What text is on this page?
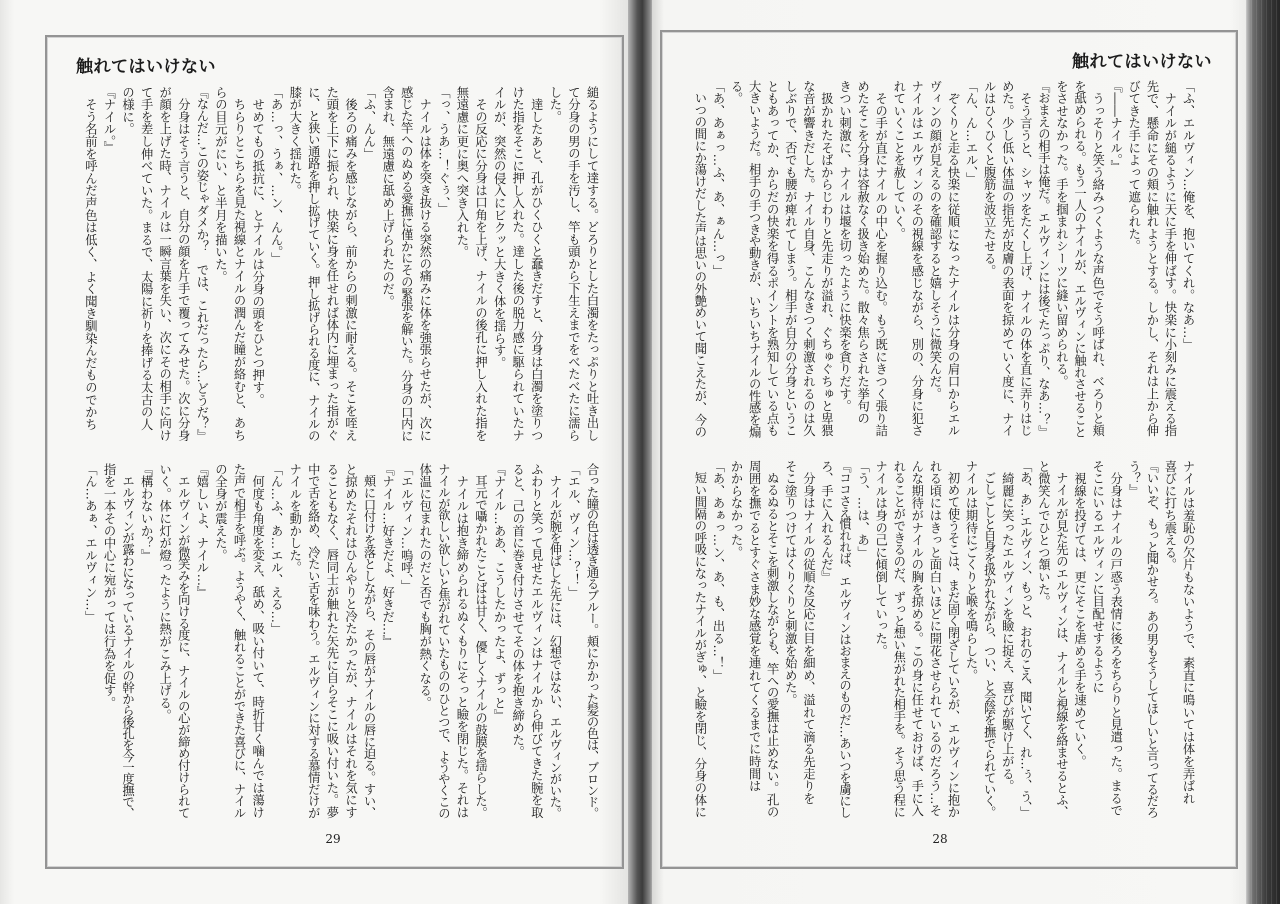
触れてはいけない
縋るようにして達する。どろりとした白濁をたっぷりと吐き出し
て分身の男の手を汚し、竿も頭から下生えまでをべたべたに濡ら
した。
　達したあと、孔がひくひくと蠢きだすと、分身は白濁を塗りつ
けた指をそこに押し入れた。達した後の脱力感に駆られていたナ
イルが、突然の侵入にビクッと大きく体を揺らす。
　その反応に分身は口角を上げ、ナイルの後孔に押し入れた指を
無遠慮に更に奥へ突き入れた。
「っ、うあ…！ぐぅ、」
　ナイルは体を突き抜ける突然の痛みに体を強張らせたが、次に
感じた竿へのぬめる愛撫に僅かにその緊張を解いた。分身の口内に
含まれ、無遠慮に舐め上げられたのだ。
「ふ、んん」
　後ろの痛みを感じながら、前からの刺激に耐える。そこを咥え
た頭を上下に振られ、快楽に身を任せれば体内に埋まった指がぐ
に、と狭い通路を押し拡げていく。押し拡げられる度に、ナイルの
膝が大きく揺れた。
「あ…っ、うぁ、…ン、んん。」
　せめてもの抵抗に、とナイルは分身の頭をひとつ押す。
　ちらりとこちらを見た視線とナイルの潤んだ瞳が絡むと、あち
らの目元がにい、と半月を描いた。
『なんだ…この姿じゃダメか？　では、これだったら…どうだ？』
　分身はそう言うと、自分の顔を片手で覆ってみせた。次に分身
が顔を上げた時、ナイルは一瞬言葉を失い、次にその相手に向け
て手を差し伸べていた。まるで、太陽に祈りを捧げる太古の人
の様に。
『ナイル。』
　そう名前を呼んだ声色は低く、よく聞き馴染んだものでかち
合った瞳の色は透き通るブルー。頬にかかった髪の色は、ブロンド。
「エル、ヴィン…？！」
　ナイルが腕を伸ばした先には、幻想ではない、エルヴィンがいた。
ふわりと笑って見せたエルヴィンはナイルから伸びてきた腕を取
ると、己の首に巻き付けさせてその体を抱き締めた。
『ナイル…ああ、こうしたかったよ、ずっと』
　耳元で囁かれたことばは甘く、優しくナイルの鼓膜を揺らした。
　ナイルは抱き締められるぬくもりにそっと瞼を閉じた。それは
ナイルが欲しい欲しいと焦がれていたもののひとつで、ようやくこの
体温に包まれたのだと否でも胸が熱くなる。
「エルヴィン…嗚呼、」
『ナイル…好きだよ、好きだ…』
　頬に口付けを落としながら、その唇がナイルの唇に迫る。すい、
と掠めたそれはひんやりと冷たかったが、ナイルはそれを気にす
ることもなく、唇同士が触れた矢先に自らそこに吸い付いた。夢
中で舌を絡め、冷たい舌を味わう。エルヴィンに対する慕情だけが
ナイルを動かした。
「ん…ふ、あ…エル、える…」
　何度も角度を変え、舐め、吸い付いて、時折甘く噛んでは蕩け
た声で相手を呼ぶ。ようやく、触れることができた喜びに、ナイル
の全身が震えた。
『嬉しいよ、ナイル…』
　エルヴィンが微笑みを向ける度に、ナイルの心が締め付けられて
いく。体に灯が燈ったように熱がこみ上げる。
『構わないか？』
　エルヴィンが露わになっているナイルの幹から後孔を今一度撫で、
指を一本その中心に宛がっては行為を促す。
「ん…あぁ、エルヴィン…」
29
触れてはいけない
「ふ、エルヴィン…俺を、抱いてくれ。なあ…」
　ナイルが縋るように天に手を伸ばす。快楽に小刻みに震える指
先で、懸命にその頬に触れようとする。しかし、それは上から伸
びてきた手によって遮られた。
『――ナイル。』
　うっそりと笑う絡みつくような声色でそう呼ばれ、べろりと頬
を舐められる。もう一人のナイルが、エルヴィンに触れさせること
をさせなかった。手を掴まれシーツに縫い留められる。
『おまえの相手は俺だ。エルヴィンには後でたっぷり、なあ…？』
　そう言うと、シャツをたくし上げ、ナイルの体を直に弄りはじ
めた。少し低い体温の指先が皮膚の表面を掠めていく度に、ナイ
ルはひくひくと腹筋を波立たせる。
「ん、ん…エル、」
　ぞくりと走る快楽に従順になったナイルは分身の肩口からエル
ヴィンの顔が見えるのを確認すると嬉しそうに微笑んだ。
ナイルはエルヴィンのその視線を感じながら、別の、分身に犯さ
れていくことを赦していく。
　その手が直にナイルの中心を握り込む。もう既にきつく張り詰
めたそこを分身は容赦なく扱き始めた。散々焦らされた挙句の
きつい刺激に、ナイルは堰を切ったように快楽を貪りだす。
　扱かれたそばからじわりと先走りが溢れ、ぐちゅぐちゅと卑猥
な音が響きだした。ナイル自身、こんなきつく刺激されるのは久
しぶりで、否でも腰が痺れてしまう。相手が自分の分身というこ
ともあってか、からだの快楽を得るポイントを熟知している点も
大きいようだ。相手の手つきや動きが、いちいちナイルの性感を煽
る。
「あ、あぁっ…ふ、あ、ぁん…っ」
　いつの間にか蕩けだした声は思いの外艶めいて聞こえたが、今の
ナイルは羞恥の欠片もないようで、素直に鳴いては体を弄ばれ
喜びに打ち震える。
『いいぞ、もっと聞かせろ。あの男もそうしてほしいと言ってるだろ
う？』
　分身はナイルの戸惑う表情に後ろをちらりと見遣った。まるで
そこにいるエルヴィンに目配せするように
　視線を投げては、更にそこを虐める手を速めていく。
　ナイルが見た先のエルヴィンは、ナイルと視線を絡ませるとふ、
と微笑んでひとつ頷いた。
「あ、あ…エルヴィン、もっと、おれのこえ、聞いてく、れ…ぅ、う、」
　綺麗に笑ったエルヴィンを瞼に捉え、喜びが駆け上がる。
　ごしごしと自身を扱かれながら、つい、と会陰を撫でられていく。
ナイルは期待にごくりと喉を鳴らした。
　初めて使うそこは、まだ固く閉ざしているが、エルヴィンに抱か
れる頃にはきっと面白いほどに開花させられているのだろう…そ
んな期待がナイルの胸を掠める。この身に任せておけば、手に入
れることができるのだ、ずっと想い焦がれた相手を。そう思う程に
ナイルは身の己に傾倒していった。
「う、…は、あ」
『ココさえ慣れれば、エルヴィンはおまえのものだ…あいつを虜にし
ろ、手に入れるんだ』
　分身はナイルの従順な反応に目を細め、溢れて滴る先走りを
そこ塗りつけてはくりくりと刺激を始めた。
　ぬるぬるとそこを刺激しながらも、竿への愛撫は止めない。孔の
周囲を撫でるとすぐさま妙な感覚を連れてくるまでに時間は
かからなかった。
「あ、あぁっ…ン、あ、も、出る…！」
　短い間隔の呼吸になったナイルがぎゅ、と瞼を閉じ、分身の体に
28
